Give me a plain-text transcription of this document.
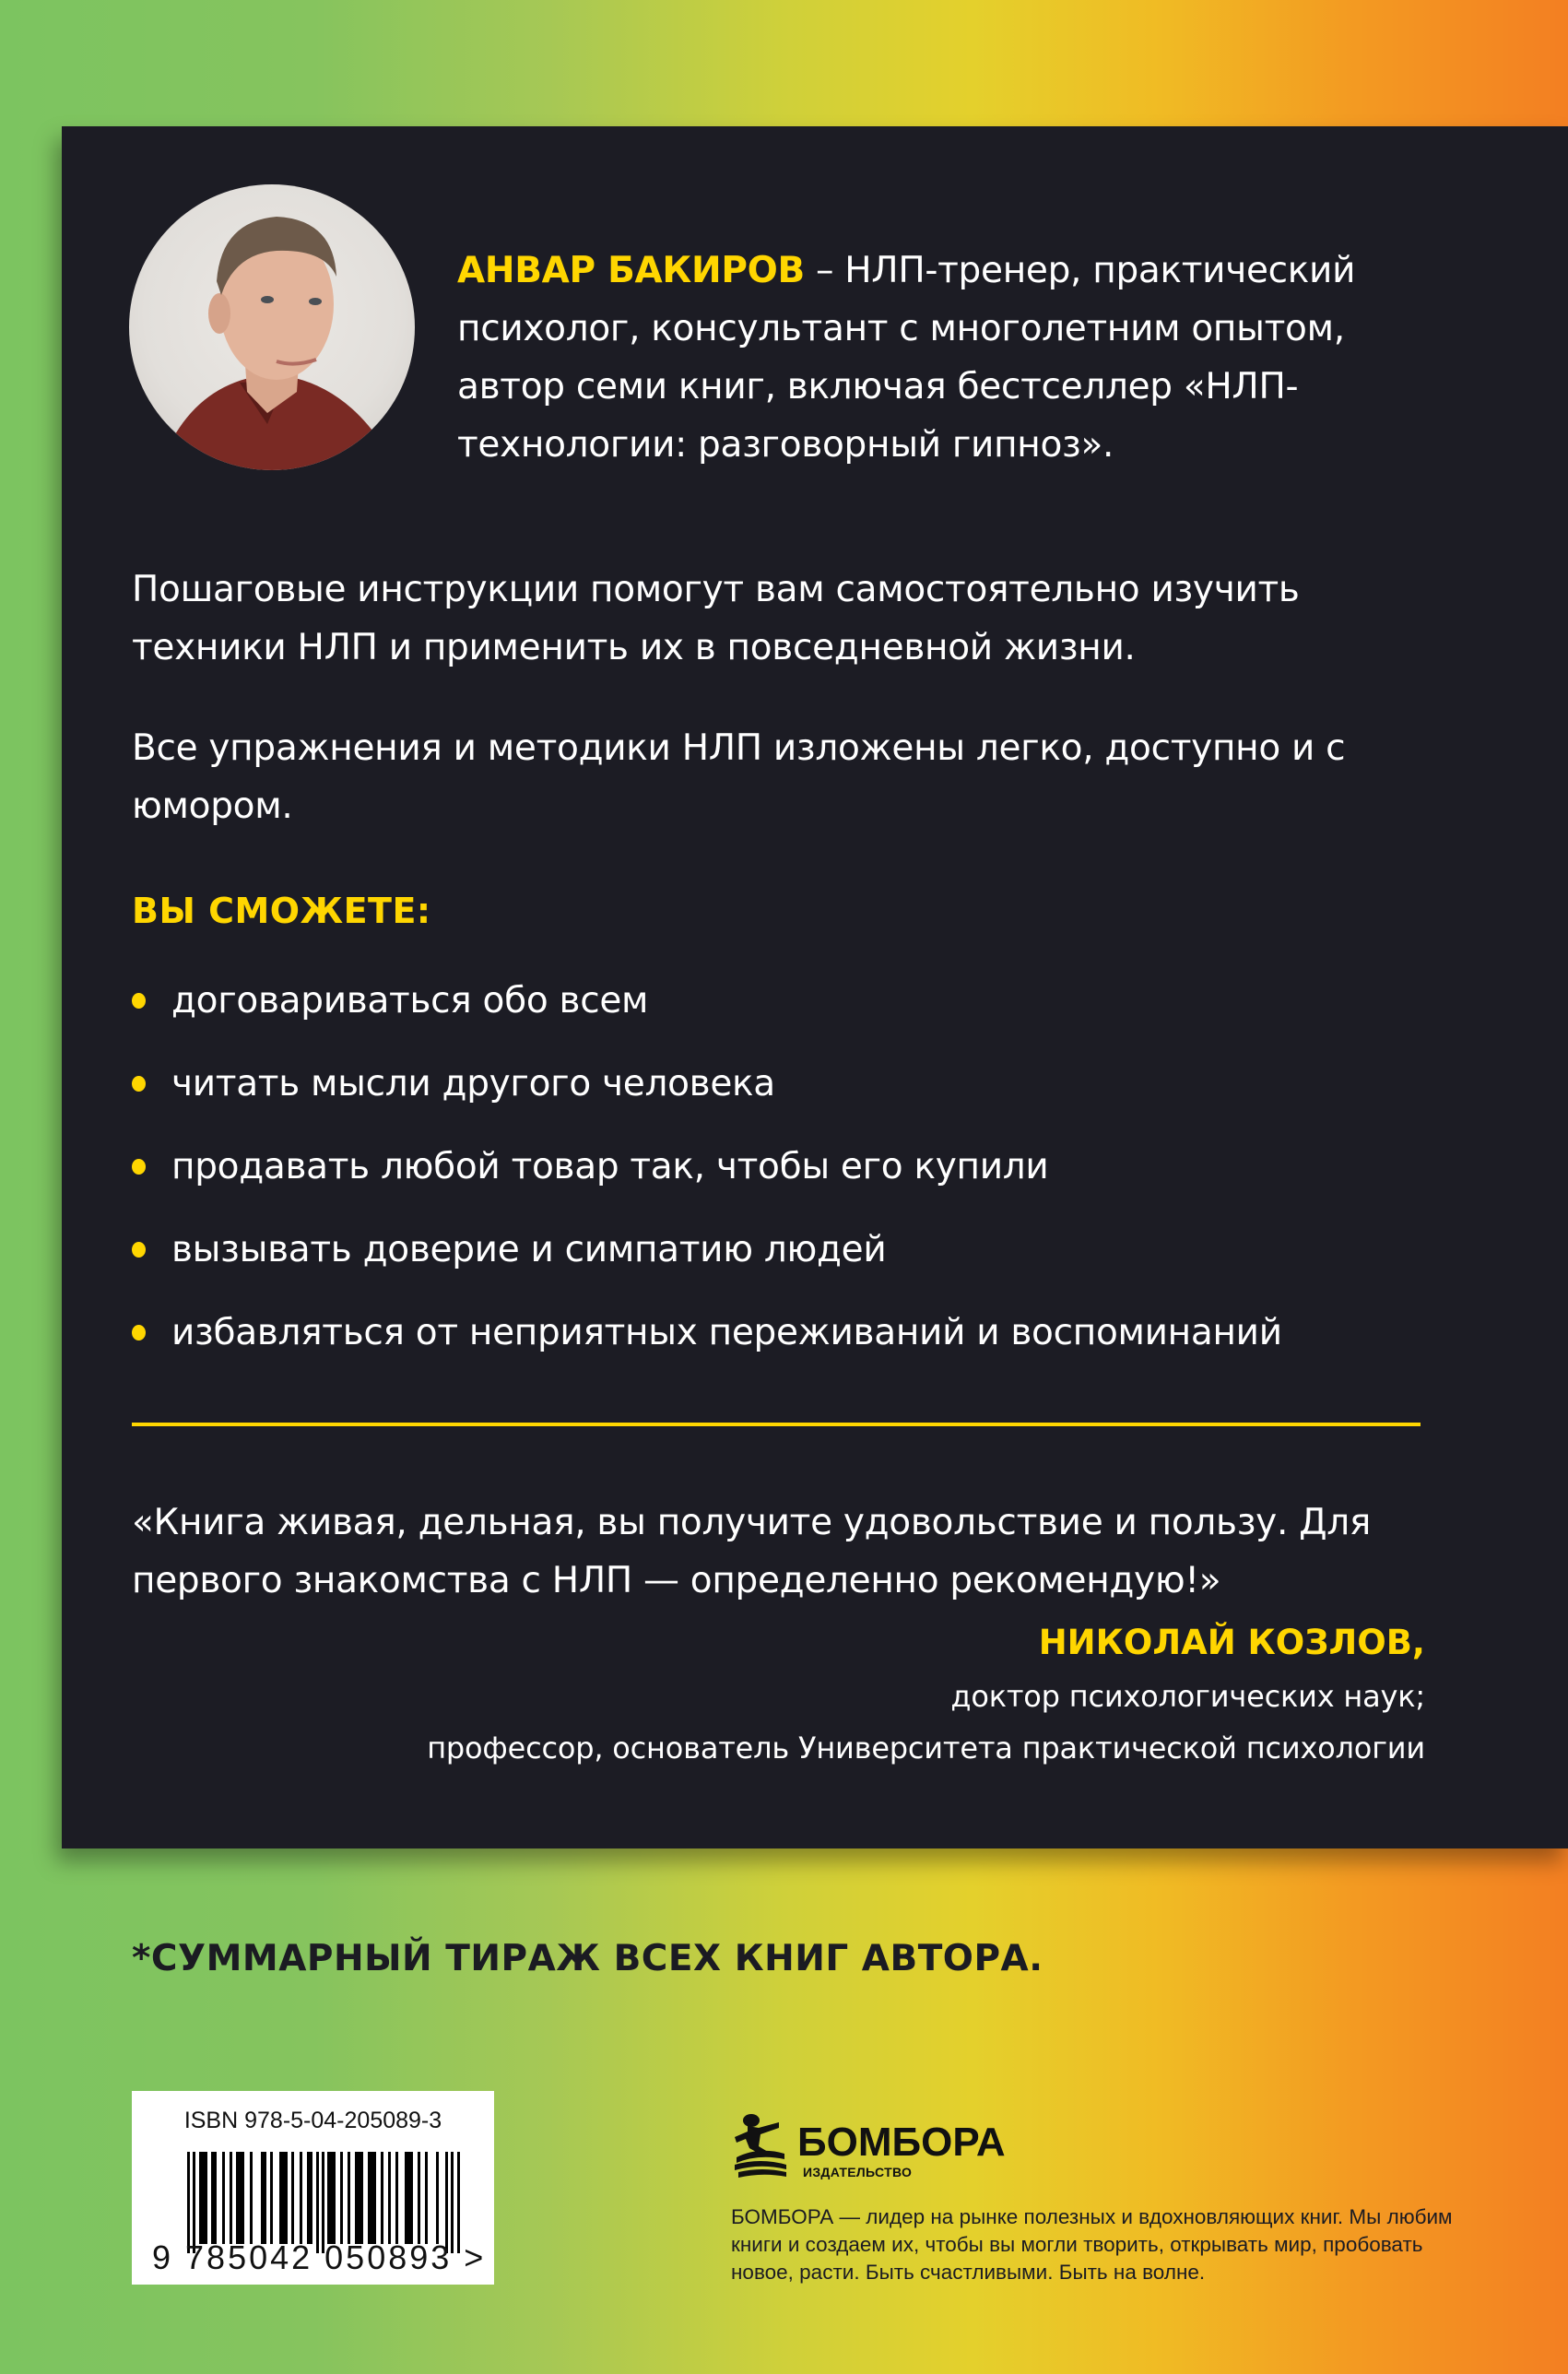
АНВАР БАКИРОВ – НЛП-тренер, практический психолог, консультант с многолетним опытом, автор семи книг, включая бестселлер «НЛП-технологии: разговорный гипноз».
Пошаговые инструкции помогут вам самостоятельно изучить техники НЛП и применить их в повседневной жизни.
Все упражнения и методики НЛП изложены легко, доступно и с юмором.
ВЫ СМОЖЕТЕ:
договариваться обо всем
читать мысли другого человека
продавать любой товар так, чтобы его купили
вызывать доверие и симпатию людей
избавляться от неприятных переживаний и воспоминаний
«Книга живая, дельная, вы получите удовольствие и пользу. Для первого знакомства с НЛП — определенно рекомендую!»
НИКОЛАЙ КОЗЛОВ,
доктор психологических наук;
профессор, основатель Университета практической психологии
*СУММАРНЫЙ ТИРАЖ ВСЕХ КНИГ АВТОРА.
ISBN 978-5-04-205089-3
9 785042 050893 >
БОМБОРА
ИЗДАТЕЛЬСТВО
БОМБОРА — лидер на рынке полезных и вдохновляющих книг. Мы любим книги и создаем их, чтобы вы могли творить, открывать мир, пробовать новое, расти. Быть счастливыми. Быть на волне.
